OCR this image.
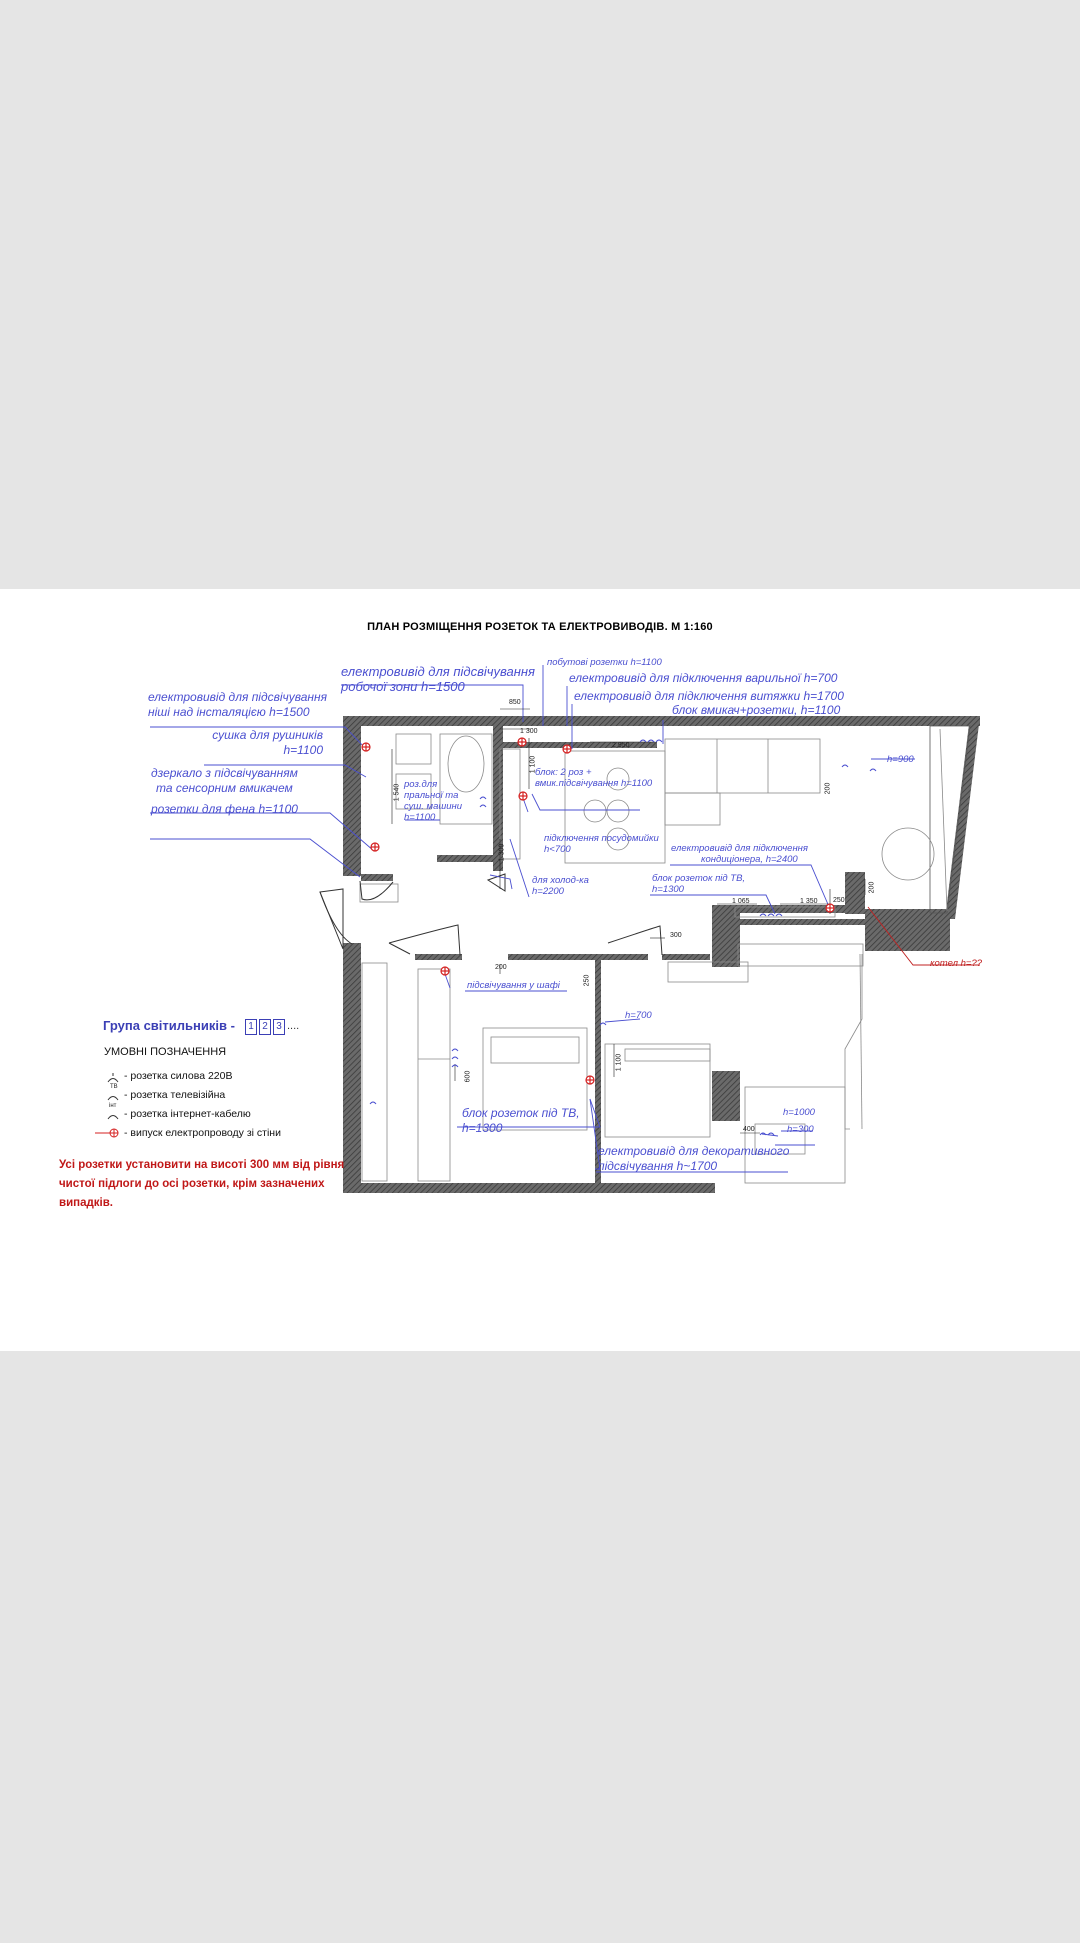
ПЛАН РОЗМІЩЕННЯ РОЗЕТОК ТА ЕЛЕКТРОВИВОДІВ. М 1:160
електровивід для підсвічування
робочої зони h=1500
побутові розетки h=1100
електровивід для підключення варильної h=700
електровивід для підключення витяжки h=1700
блок вмикач+розетки, h=1100
електровивід для підсвічування
ніші над інсталяцією h=1500
сушка для рушників
h=1100
дзеркало з підсвічуванням
та сенсорним вмикачем
розетки для фена h=1100
роз.для
пральної та
суш. машини
h=1100
блок: 2 роз +
вмик.підсвічування h=1100
підключення посудомийки
h<700
для холод-ка
h=2200
h=900
електровивід для підключення
кондиціонера, h=2400
блок розеток під ТВ,
h=1300
котел h=??
підсвічування у шафі
h=700
блок розеток під ТВ,
h=1300
електровивід для декоративного
підсвічування h~1700
h=1000
h=300
850
1 300
2 950
1 100
1 540
1 300
1 065	1 350 250
300
200
200
200
600
1 100
400
250
Група світильників -	1 2 3 ....
УМОВНІ ПОЗНАЧЕННЯ
ТВ
інт
- розетка силова 220В
- розетка телевізійна
- розетка інтернет-кабелю
- випуск електропроводу зі стіни
Усі розетки установити на висоті 300 мм від рівня чистої підлоги до осі розетки, крім зазначених випадків.
